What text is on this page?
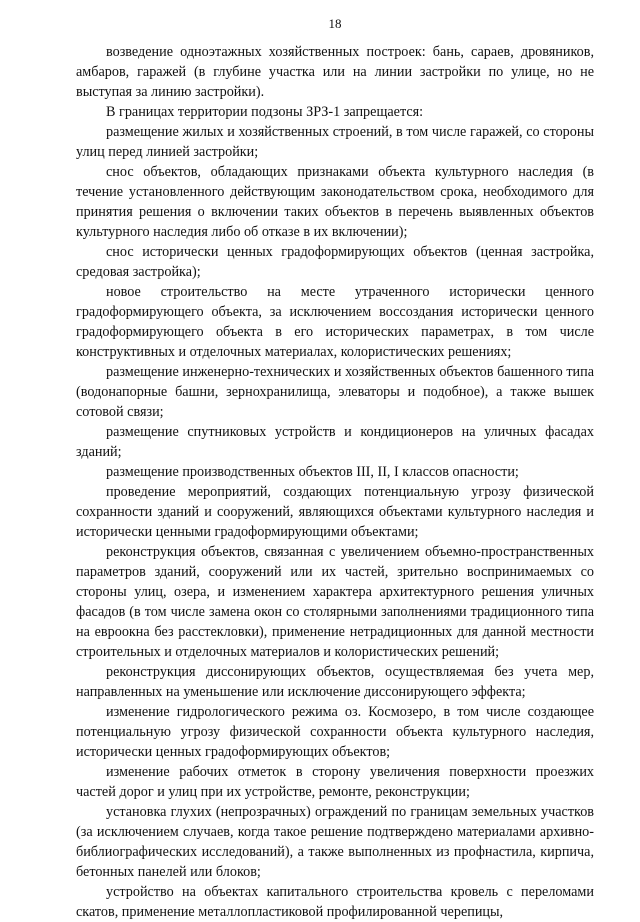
18

возведение одноэтажных хозяйственных построек: бань, сараев, дровяников, амбаров, гаражей (в глубине участка или на линии застройки по улице, но не выступая за линию застройки).

В границах территории подзоны ЗРЗ-1 запрещается:

размещение жилых и хозяйственных строений, в том числе гаражей, со стороны улиц перед линией застройки;

снос объектов, обладающих признаками объекта культурного наследия (в течение установленного действующим законодательством срока, необходимого для принятия решения о включении таких объектов в перечень выявленных объектов культурного наследия либо об отказе в их включении);

снос исторически ценных градоформирующих объектов (ценная застройка, средовая застройка);

новое строительство на месте утраченного исторически ценного градоформирующего объекта, за исключением воссоздания исторически ценного градоформирующего объекта в его исторических параметрах, в том числе конструктивных и отделочных материалах, колористических решениях;

размещение инженерно-технических и хозяйственных объектов башенного типа (водонапорные башни, зернохранилища, элеваторы и подобное), а также вышек сотовой связи;

размещение спутниковых устройств и кондиционеров на уличных фасадах зданий;

размещение производственных объектов III, II, I классов опасности;

проведение мероприятий, создающих потенциальную угрозу физической сохранности зданий и сооружений, являющихся объектами культурного наследия и исторически ценными градоформирующими объектами;

реконструкция объектов, связанная с увеличением объемно-пространственных параметров зданий, сооружений или их частей, зрительно воспринимаемых со стороны улиц, озера, и изменением характера архитектурного решения уличных фасадов (в том числе замена окон со столярными заполнениями традиционного типа на евроокна без расстекловки), применение нетрадиционных для данной местности строительных и отделочных материалов и колористических решений;

реконструкция диссонирующих объектов, осуществляемая без учета мер, направленных на уменьшение или исключение диссонирующего эффекта;

изменение гидрологического режима оз. Космозеро, в том числе создающее потенциальную угрозу физической сохранности объекта культурного наследия, исторически ценных градоформирующих объектов;

изменение рабочих отметок в сторону увеличения поверхности проезжих частей дорог и улиц при их устройстве, ремонте, реконструкции;

установка глухих (непрозрачных) ограждений по границам земельных участков (за исключением случаев, когда такое решение подтверждено материалами архивно-библиографических исследований), а также выполненных из профнастила, кирпича, бетонных панелей или блоков;

устройство на объектах капитального строительства кровель с переломами скатов, применение металлопластиковой профилированной черепицы,
